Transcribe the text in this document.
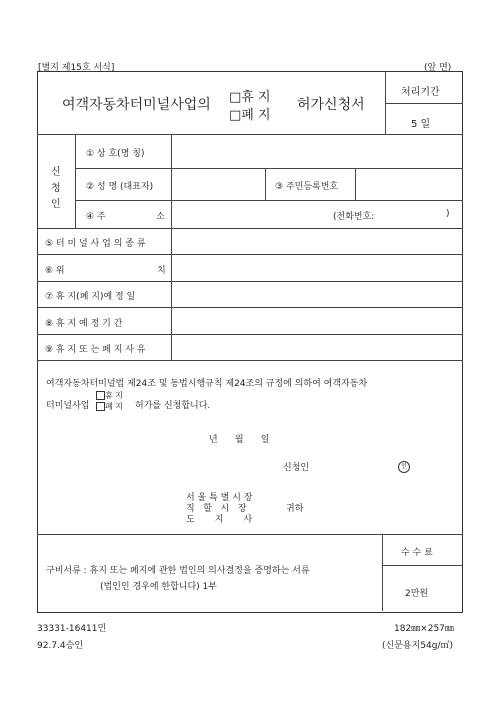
[별지 제15호 서식]	(앞 면)
여객자동차터미널사업의 □휴 지
□폐 지
허가신청서
처리기간
5 일
신
청
인
① 상 호(명 칭)
② 성 명 (대표자)	③ 주민등록번호
④ 주	소	(전화번호:	)
⑤ 터 미 널 사 업 의 종 류
⑥ 위	치
⑦ 휴 지(폐 지)예 정 일
⑧ 휴 지 예 정 기 간
⑨ 휴 지 또 는 폐 지 사 유
여객자동차터미널법 제24조 및 동법시행규칙 제24조의 규정에 의하여 여객자동차
터미널사업
휴 지
폐 지 허가를 신청합니다.
년      월      일
신청인	인
서 울 특 별 시 장
직   할   시   장
도       지       사
귀하
구비서류 : 휴지 또는 폐지에 관한 법인의 의사결정을 증명하는 서류
(법인인 경우에 한합니다) 1부
수 수 료
2만원
33331-16411민
92.7.4승인
182㎜×257㎜
(신문용지54g/㎡)
